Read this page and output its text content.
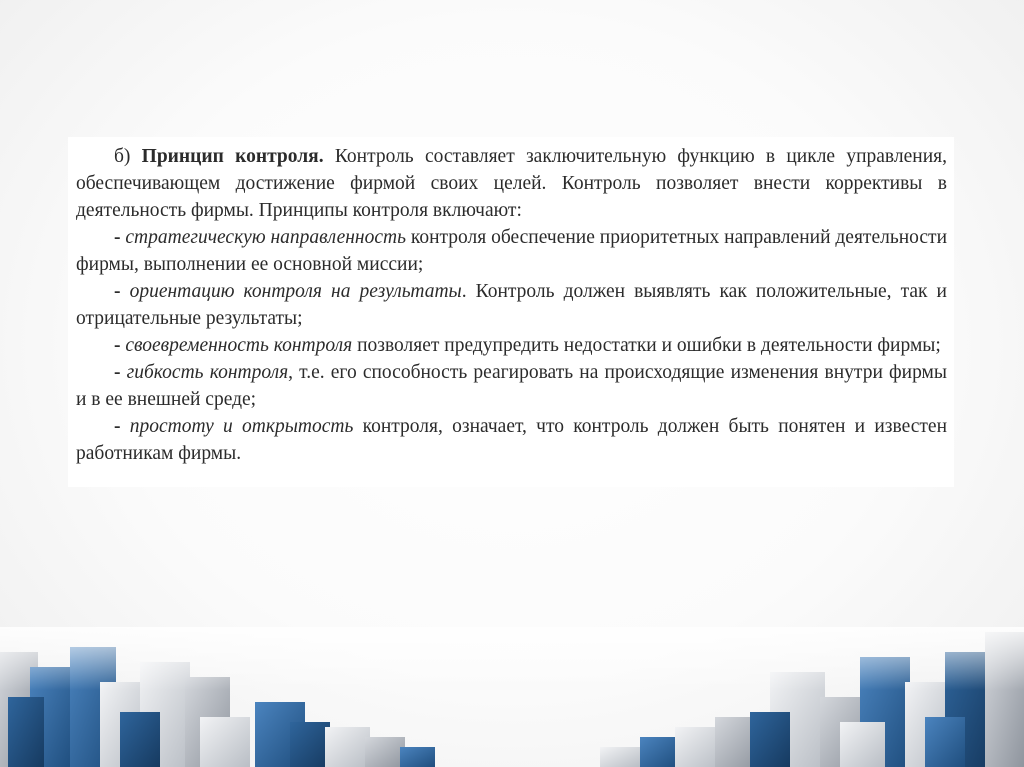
б) Принцип контроля. Контроль составляет заключительную функцию в цикле управления, обеспечивающем достижение фирмой своих целей. Контроль позволяет внести коррективы в деятельность фирмы. Принципы контроля включают:

- стратегическую направленность контроля обеспечение приоритетных направлений деятельности фирмы, выполнении ее основной миссии;

- ориентацию контроля на результаты. Контроль должен выявлять как положительные, так и отрицательные результаты;

- своевременность контроля позволяет предупредить недостатки и ошибки в деятельности фирмы;

- гибкость контроля, т.е. его способность реагировать на происходящие изменения внутри фирмы и в ее внешней среде;

- простоту и открытость контроля, означает, что контроль должен быть понятен и известен работникам фирмы.
